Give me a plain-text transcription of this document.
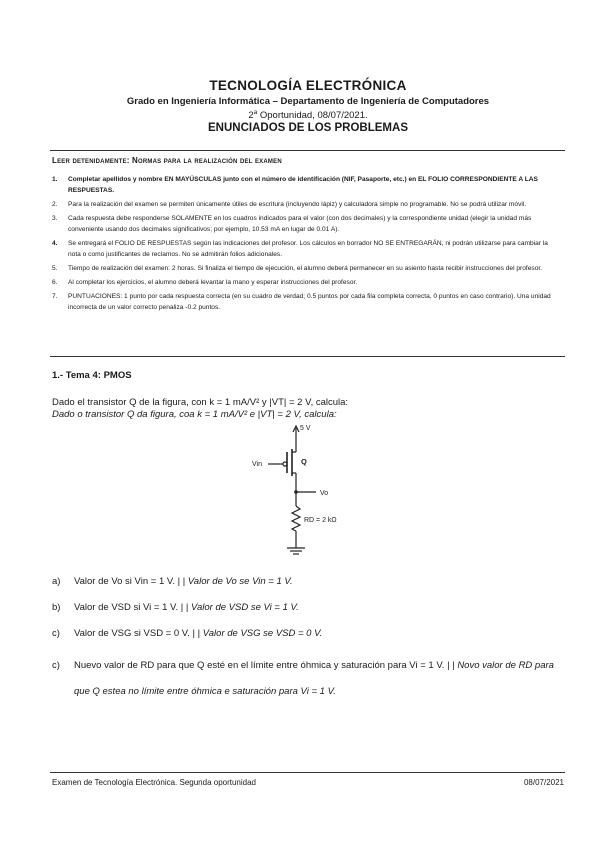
TECNOLOGÍA ELECTRÓNICA
Grado en Ingeniería Informática – Departamento de Ingeniería de Computadores
2$^a$ Oportunidad, 08/07/2021.
ENUNCIADOS DE LOS PROBLEMAS
Leer detenidamente: Normas para la realización del examen
1. Completar apellidos y nombre EN MAYÚSCULAS junto con el número de identificación (NIF, Pasaporte, etc.) en EL FOLIO CORRESPONDIENTE A LAS RESPUESTAS.
2. Para la realización del examen se permiten únicamente útiles de escritura (incluyendo lápiz) y calculadora simple no programable. No se podrá utilizar móvil.
3. Cada respuesta debe responderse SOLAMENTE en los cuadros indicados para el valor (con dos decimales) y la correspondiente unidad (elegir la unidad más conveniente usando dos decimales significativos; por ejemplo, 10.53 mA en lugar de 0.01 A).
4. Se entregará el FOLIO DE RESPUESTAS según las indicaciones del profesor. Los cálculos en borrador NO SE ENTREGARÁN, ni podrán utilizarse para cambiar la nota o como justificantes de reclamos. No se admitirán folios adicionales.
5. Tiempo de realización del examen: 2 horas. Si finaliza el tiempo de ejecución, el alumno deberá permanecer en su asiento hasta recibir instrucciones del profesor.
6. Al completar los ejercicios, el alumno deberá levantar la mano y esperar instrucciones del profesor.
7. PUNTUACIONES: 1 punto por cada respuesta correcta (en su cuadro de verdad; 0.5 puntos por cada fila completa correcta, 0 puntos en caso contrario). Una unidad incorrecta de un valor correcto penaliza -0.2 puntos.
1.- Tema 4: PMOS
Dado el transistor Q de la figura, con k = 1 mA/V² y |VT| = 2 V, calcula:
Dado o transistor Q da figura, coa k = 1 mA/V² e |VT| = 2 V, calcula:
5 V
Vin	Q
Vo
RD = 2 kΩ
a) Valor de Vo si Vin = 1 V. | | Valor de Vo se Vin = 1 V.
b) Valor de VSD si Vi = 1 V. | | Valor de VSD se Vi = 1 V.
c) Valor de VSG si VSD = 0 V. | | Valor de VSG se VSD = 0 V.
c) Nuevo valor de RD para que Q esté en el límite entre óhmica y saturación para Vi = 1 V. | | Novo valor de RD para que Q estea no límite entre óhmica e saturación para Vi = 1 V.
Examen de Tecnología Electrónica. Segunda oportunidad	08/07/2021
